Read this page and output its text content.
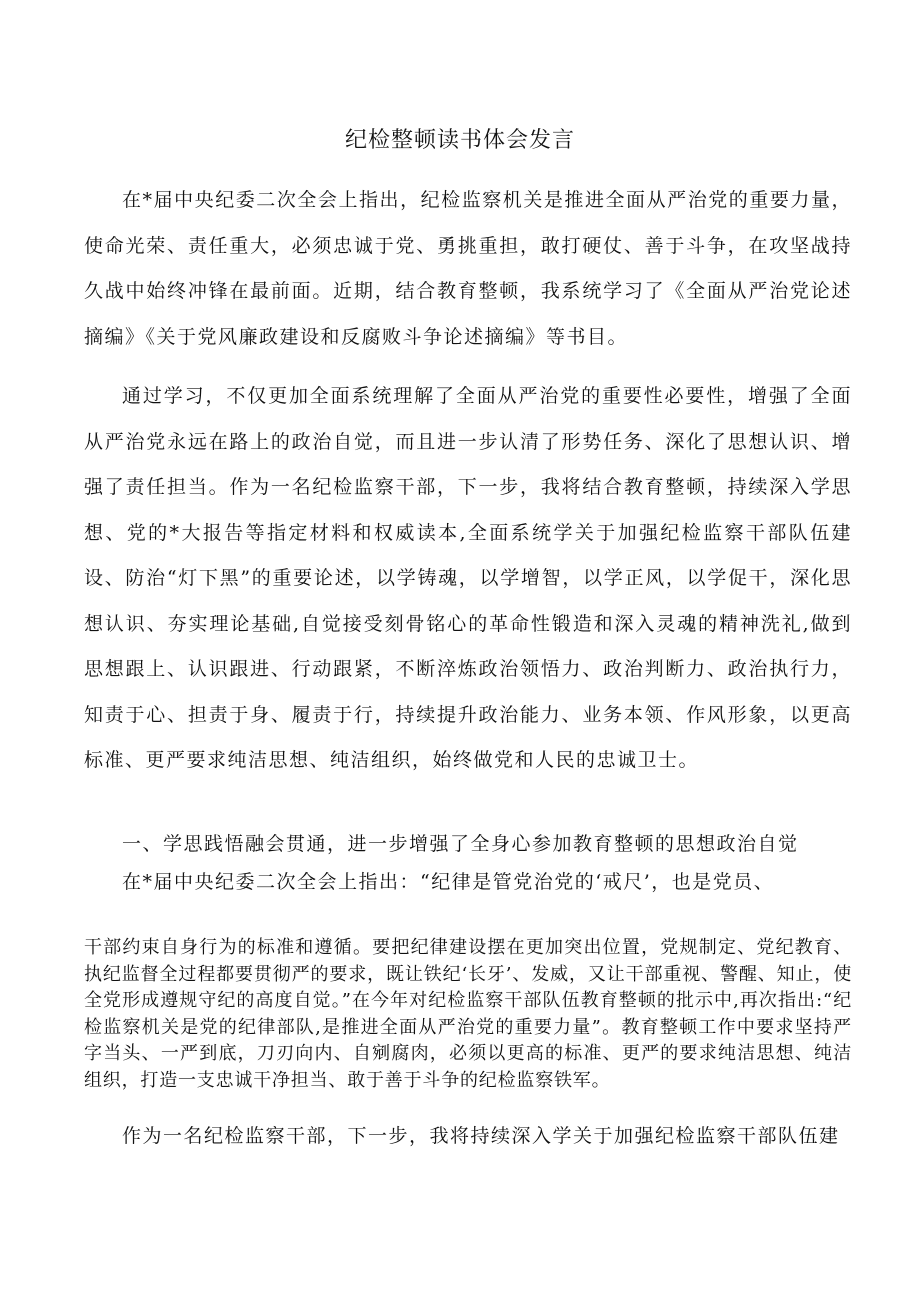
纪检整顿读书体会发言

在*届中央纪委二次全会上指出，纪检监察机关是推进全面从严治党的重要力量，使命光荣、责任重大，必须忠诚于党、勇挑重担，敢打硬仗、善于斗争，在攻坚战持久战中始终冲锋在最前面。近期，结合教育整顿，我系统学习了《全面从严治党论述摘编》《关于党风廉政建设和反腐败斗争论述摘编》等书目。

通过学习，不仅更加全面系统理解了全面从严治党的重要性必要性，增强了全面从严治党永远在路上的政治自觉，而且进一步认清了形势任务、深化了思想认识、增强了责任担当。作为一名纪检监察干部，下一步，我将结合教育整顿，持续深入学思想、党的*大报告等指定材料和权威读本,全面系统学关于加强纪检监察干部队伍建设、防治“灯下黑”的重要论述，以学铸魂，以学增智，以学正风，以学促干，深化思想认识、夯实理论基础,自觉接受刻骨铭心的革命性锻造和深入灵魂的精神洗礼,做到思想跟上、认识跟进、行动跟紧，不断淬炼政治领悟力、政治判断力、政治执行力，知责于心、担责于身、履责于行，持续提升政治能力、业务本领、作风形象，以更高标准、更严要求纯洁思想、纯洁组织，始终做党和人民的忠诚卫士。

一、学思践悟融会贯通，进一步增强了全身心参加教育整顿的思想政治自觉

在*届中央纪委二次全会上指出：“纪律是管党治党的‘戒尺’，也是党员、

干部约束自身行为的标准和遵循。要把纪律建设摆在更加突出位置，党规制定、党纪教育、执纪监督全过程都要贯彻严的要求，既让铁纪‘长牙’、发威，又让干部重视、警醒、知止，使全党形成遵规守纪的高度自觉。”在今年对纪检监察干部队伍教育整顿的批示中,再次指出:“纪检监察机关是党的纪律部队,是推进全面从严治党的重要力量”。教育整顿工作中要求坚持严字当头、一严到底，刀刃向内、自剜腐肉，必须以更高的标准、更严的要求纯洁思想、纯洁组织，打造一支忠诚干净担当、敢于善于斗争的纪检监察铁军。

作为一名纪检监察干部，下一步，我将持续深入学关于加强纪检监察干部队伍建
